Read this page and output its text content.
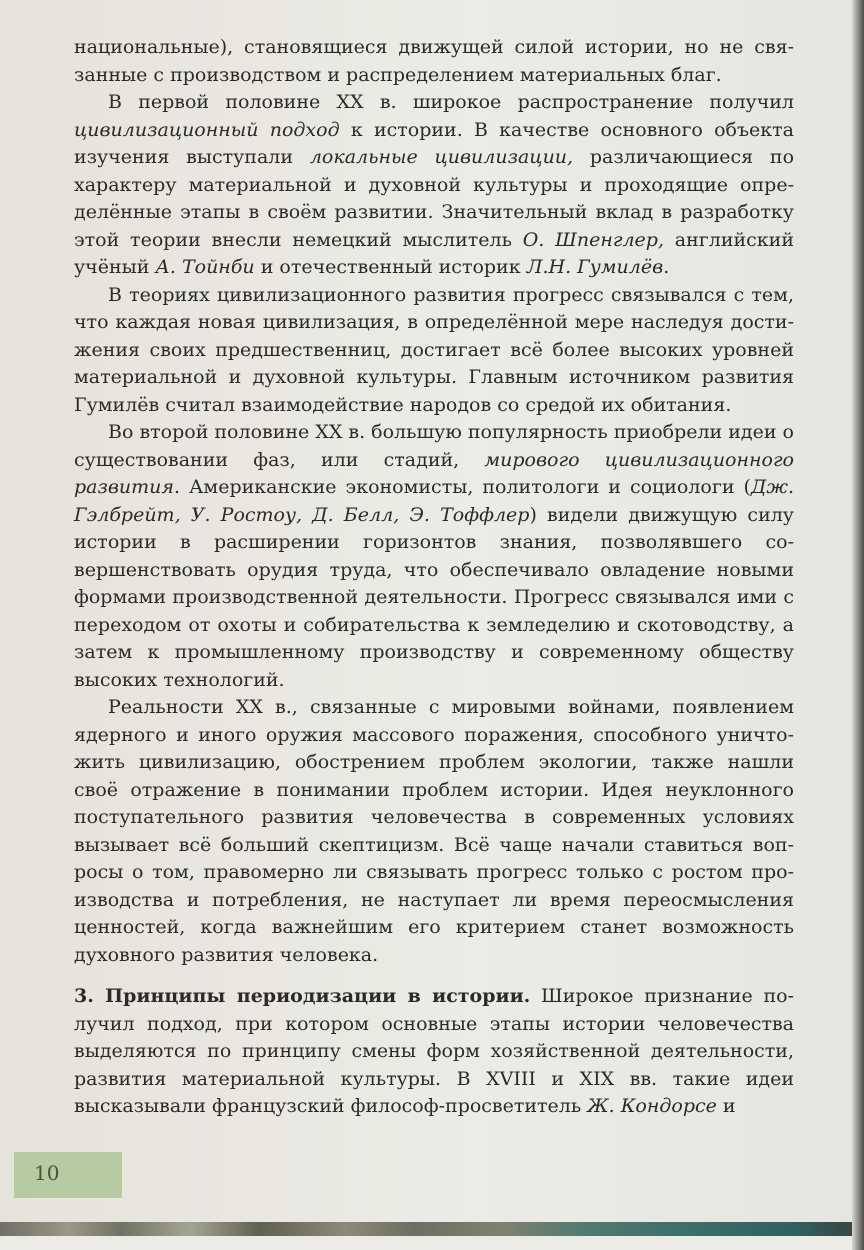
национальные), становящиеся движущей силой истории, но не связанные с производством и распределением материальных благ.

В первой половине XX в. широкое распространение получил цивилизационный подход к истории. В качестве основного объекта изучения выступали локальные цивилизации, различающиеся по характеру материальной и духовной культуры и проходящие определённые этапы в своём развитии. Значительный вклад в разработку этой теории внесли немецкий мыслитель О. Шпенглер, английский учёный А. Тойнби и отечественный историк Л.Н. Гумилёв.

В теориях цивилизационного развития прогресс связывался с тем, что каждая новая цивилизация, в определённой мере наследуя достижения своих предшественниц, достигает всё более высоких уровней материальной и духовной культуры. Главным источником развития Гумилёв считал взаимодействие народов со средой их обитания.

Во второй половине XX в. большую популярность приобрели идеи о существовании фаз, или стадий, мирового цивилизационного развития. Американские экономисты, политологи и социологи (Дж. Гэлбрейт, У. Ростоу, Д. Белл, Э. Тоффлер) видели движущую силу истории в расширении горизонтов знания, позволявшего совершенствовать орудия труда, что обеспечивало овладение новыми формами производственной деятельности. Прогресс связывался ими с переходом от охоты и собирательства к земледелию и скотоводству, а затем к промышленному производству и современному обществу высоких технологий.

Реальности XX в., связанные с мировыми войнами, появлением ядерного и иного оружия массового поражения, способного уничтожить цивилизацию, обострением проблем экологии, также нашли своё отражение в понимании проблем истории. Идея неуклонного поступательного развития человечества в современных условиях вызывает всё больший скептицизм. Всё чаще начали ставиться вопросы о том, правомерно ли связывать прогресс только с ростом производства и потребления, не наступает ли время переосмысления ценностей, когда важнейшим его критерием станет возможность духовного развития человека.

3. Принципы периодизации в истории. Широкое признание получил подход, при котором основные этапы истории человечества выделяются по принципу смены форм хозяйственной деятельности, развития материальной культуры. В XVIII и XIX вв. такие идеи высказывали французский философ-просветитель Ж. Кондорсе и

10
